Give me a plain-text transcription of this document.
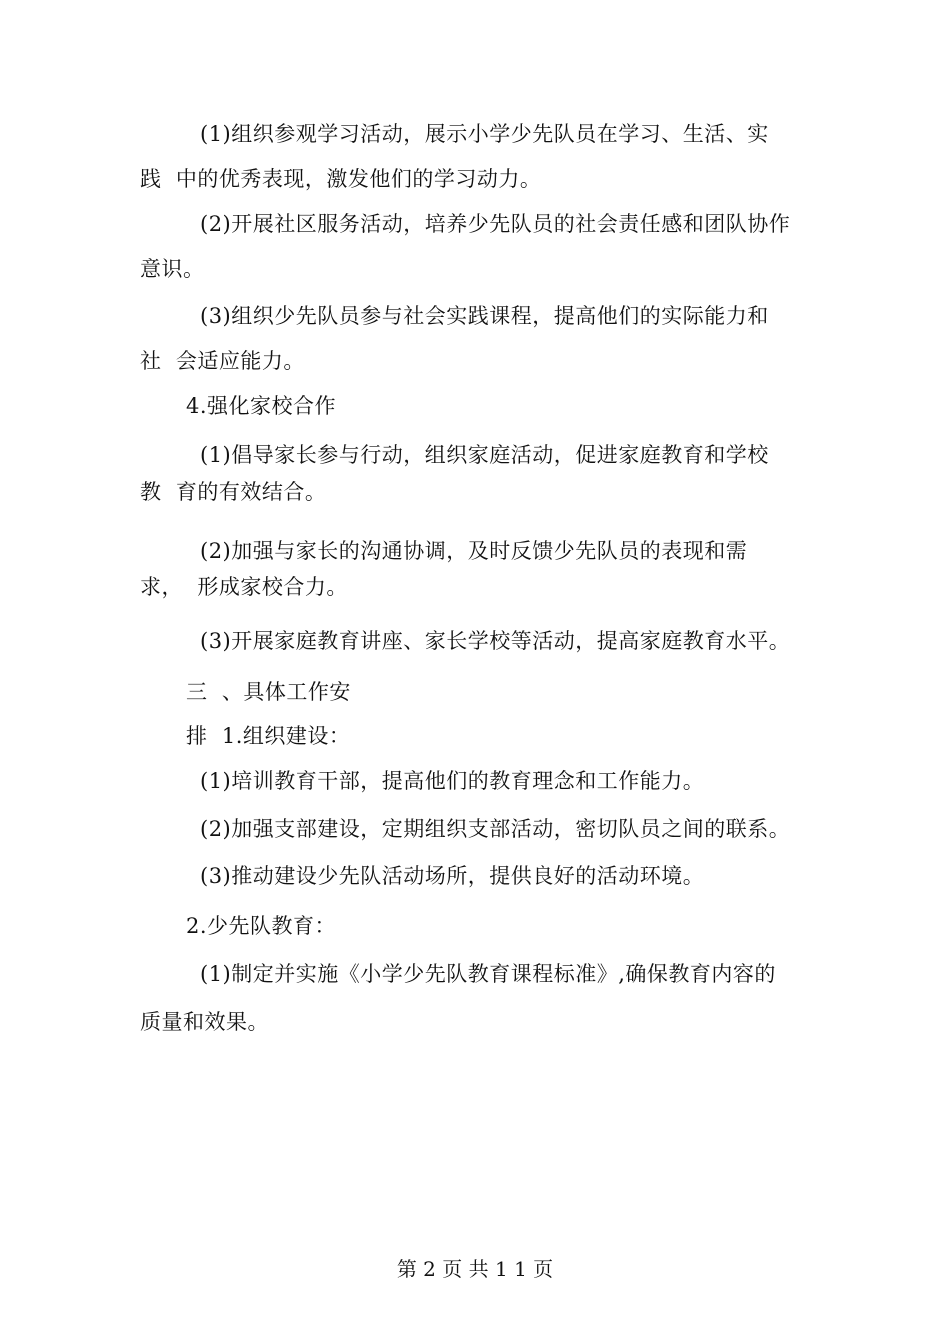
(1)组织参观学习活动，展示小学少先队员在学习、生活、实
践  中的优秀表现，激发他们的学习动力。
(2)开展社区服务活动，培养少先队员的社会责任感和团队协作
意识。
(3)组织少先队员参与社会实践课程，提高他们的实际能力和
社  会适应能力。
4.强化家校合作
(1)倡导家长参与行动，组织家庭活动，促进家庭教育和学校
教  育的有效结合。
(2)加强与家长的沟通协调，及时反馈少先队员的表现和需
求，  形成家校合力。
(3)开展家庭教育讲座、家长学校等活动，提高家庭教育水平。
三  、具体工作安
排  1.组织建设：
(1)培训教育干部，提高他们的教育理念和工作能力。
(2)加强支部建设，定期组织支部活动，密切队员之间的联系。
(3)推动建设少先队活动场所，提供良好的活动环境。
2.少先队教育：
(1)制定并实施《小学少先队教育课程标准》,确保教育内容的
质量和效果。
第 2 页 共 1 1 页
